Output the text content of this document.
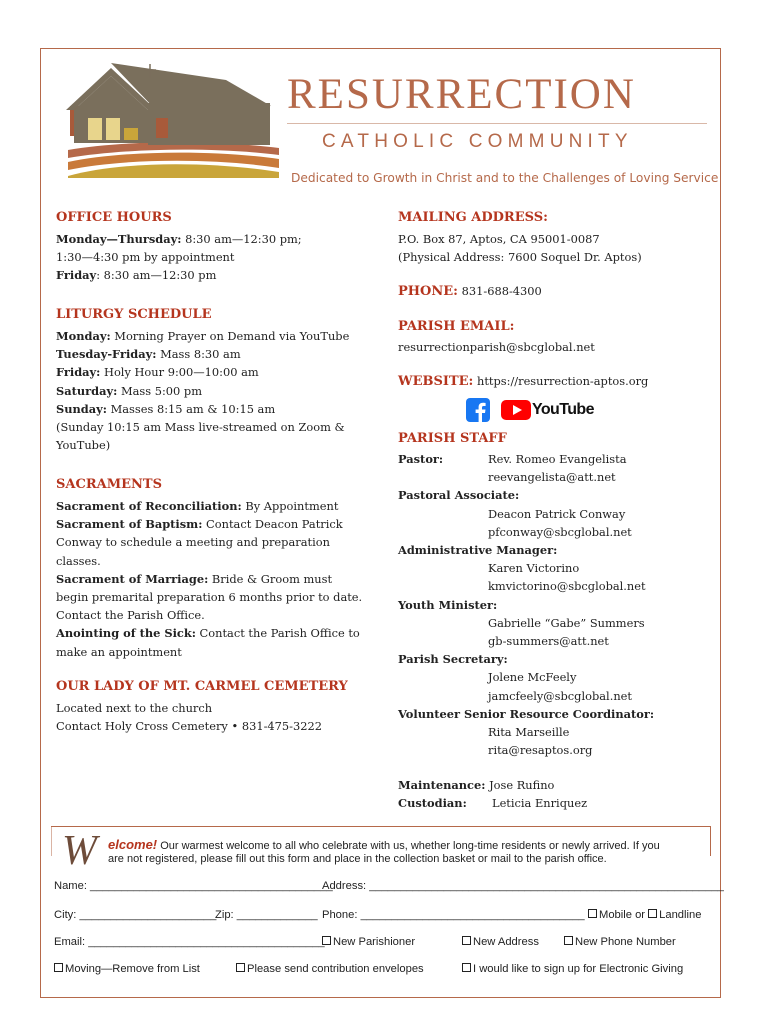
RESURRECTION
CATHOLIC COMMUNITY
Dedicated to Growth in Christ and to the Challenges of Loving Service
OFFICE HOURS
Monday—Thursday: 8:30 am—12:30 pm;
1:30—4:30 pm by appointment
Friday: 8:30 am—12:30 pm
LITURGY SCHEDULE
Monday: Morning Prayer on Demand via YouTube
Tuesday-Friday: Mass 8:30 am
Friday: Holy Hour 9:00—10:00 am
Saturday: Mass 5:00 pm
Sunday: Masses 8:15 am & 10:15 am
(Sunday 10:15 am Mass live-streamed on Zoom &
YouTube)
SACRAMENTS
Sacrament of Reconciliation: By Appointment
Sacrament of Baptism: Contact Deacon Patrick
Conway to schedule a meeting and preparation
classes.
Sacrament of Marriage: Bride & Groom must
begin premarital preparation 6 months prior to date.
Contact the Parish Office.
Anointing of the Sick: Contact the Parish Office to
make an appointment
OUR LADY OF MT. CARMEL CEMETERY
Located next to the church
Contact Holy Cross Cemetery • 831-475-3222
MAILING ADDRESS:
P.O. Box 87, Aptos, CA 95001-0087
(Physical Address: 7600 Soquel Dr. Aptos)
PHONE: 831-688-4300
PARISH EMAIL:
resurrectionparish@sbcglobal.net
WEBSITE: https://resurrection-aptos.org
YouTube
PARISH STAFF
Pastor:	Rev. Romeo Evangelista
reevangelista@att.net
Pastoral Associate:
Deacon Patrick Conway
pfconway@sbcglobal.net
Administrative Manager:
Karen Victorino
kmvictorino@sbcglobal.net
Youth Minister:
Gabrielle “Gabe” Summers
gb-summers@att.net
Parish Secretary:
Jolene McFeely
jamcfeely@sbcglobal.net
Volunteer Senior Resource Coordinator:
Rita Marseille
rita@resaptos.org
Maintenance: Jose Rufino
Custodian: Leticia Enriquez
W elcome! Our warmest welcome to all who celebrate with us, whether long-time residents or newly arrived. If you
are not registered, please fill out this form and place in the collection basket or mail to the parish office.
Name: _______________________________________
Address: _________________________________________________________
City: ______________________
Zip: _____________ Phone: ____________________________________	Mobile or Landline
Email: ______________________________________ New Parishioner	New Address	New Phone Number
Moving—Remove from List	Please send contribution envelopes	I would like to sign up for Electronic Giving
